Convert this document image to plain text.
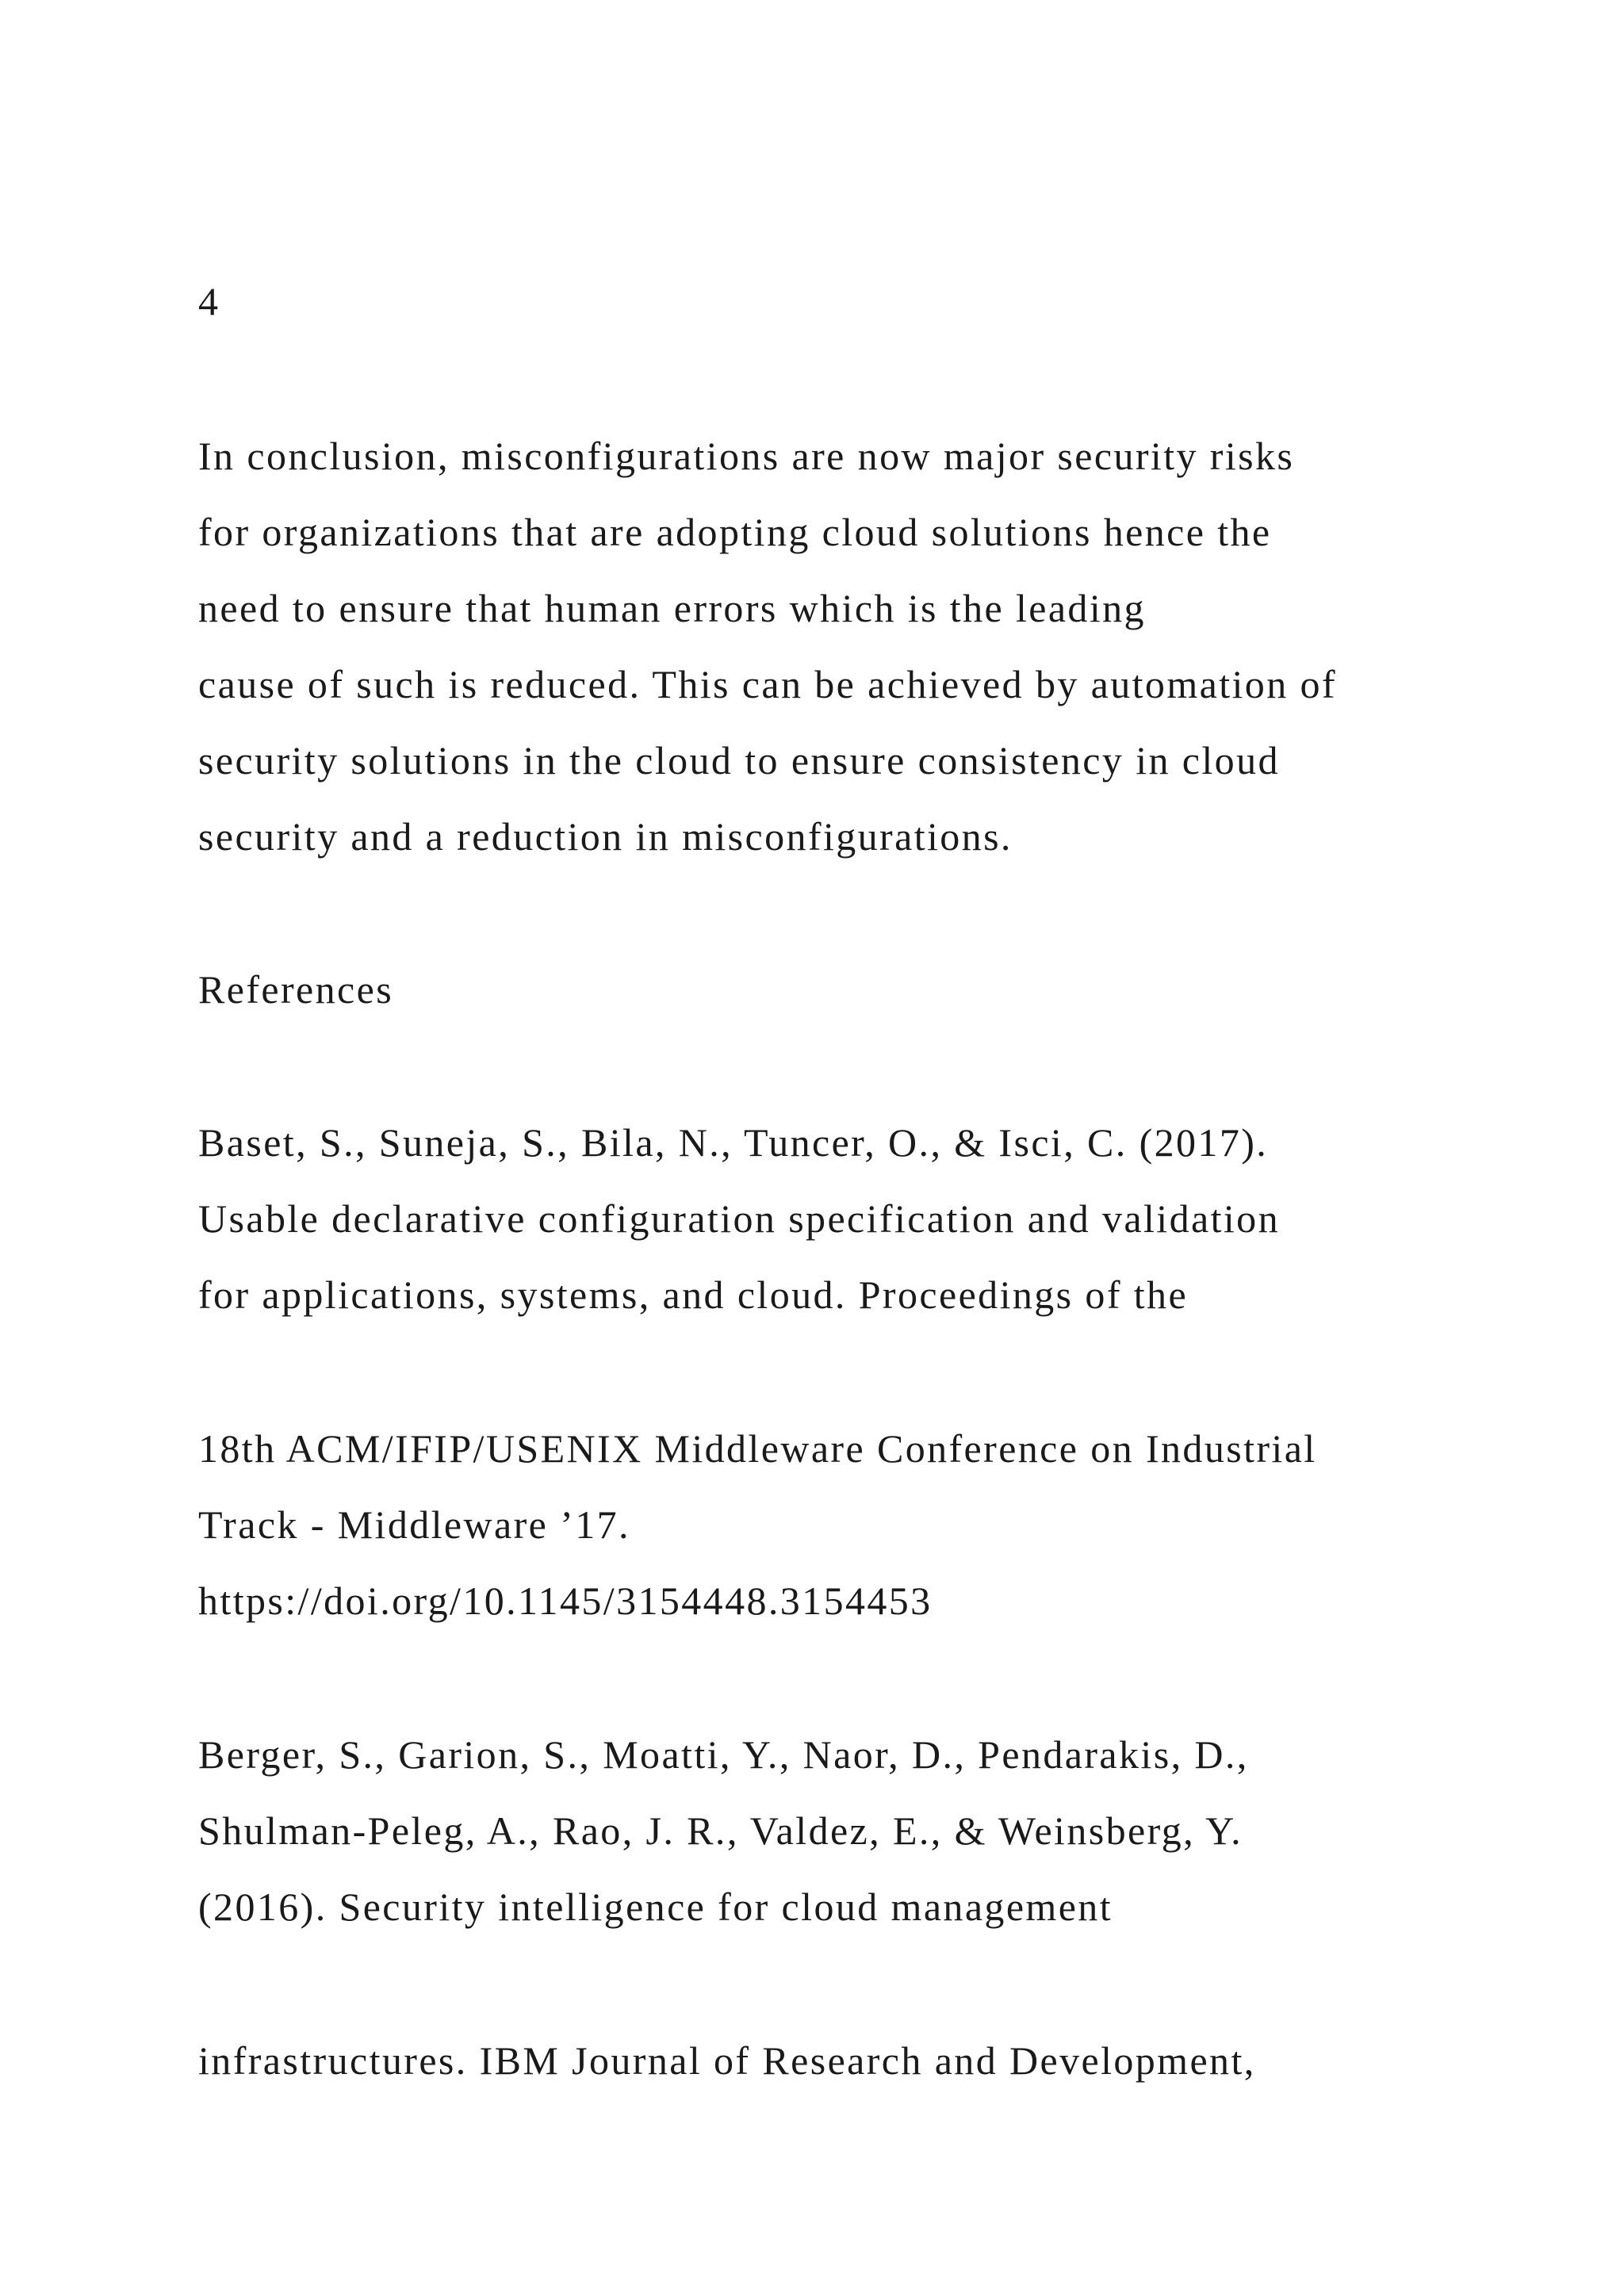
4
In conclusion, misconfigurations are now major security risks
for organizations that are adopting cloud solutions hence the
need to ensure that human errors which is the leading
cause of such is reduced. This can be achieved by automation of
security solutions in the cloud to ensure consistency in cloud
security and a reduction in misconfigurations.
References
Baset, S., Suneja, S., Bila, N., Tuncer, O., & Isci, C. (2017).
Usable declarative configuration specification and validation
for applications, systems, and cloud. Proceedings of the
18th ACM/IFIP/USENIX Middleware Conference on Industrial
Track - Middleware ’17.
https://doi.org/10.1145/3154448.3154453
Berger, S., Garion, S., Moatti, Y., Naor, D., Pendarakis, D.,
Shulman-Peleg, A., Rao, J. R., Valdez, E., & Weinsberg, Y.
(2016). Security intelligence for cloud management
infrastructures. IBM Journal of Research and Development,
